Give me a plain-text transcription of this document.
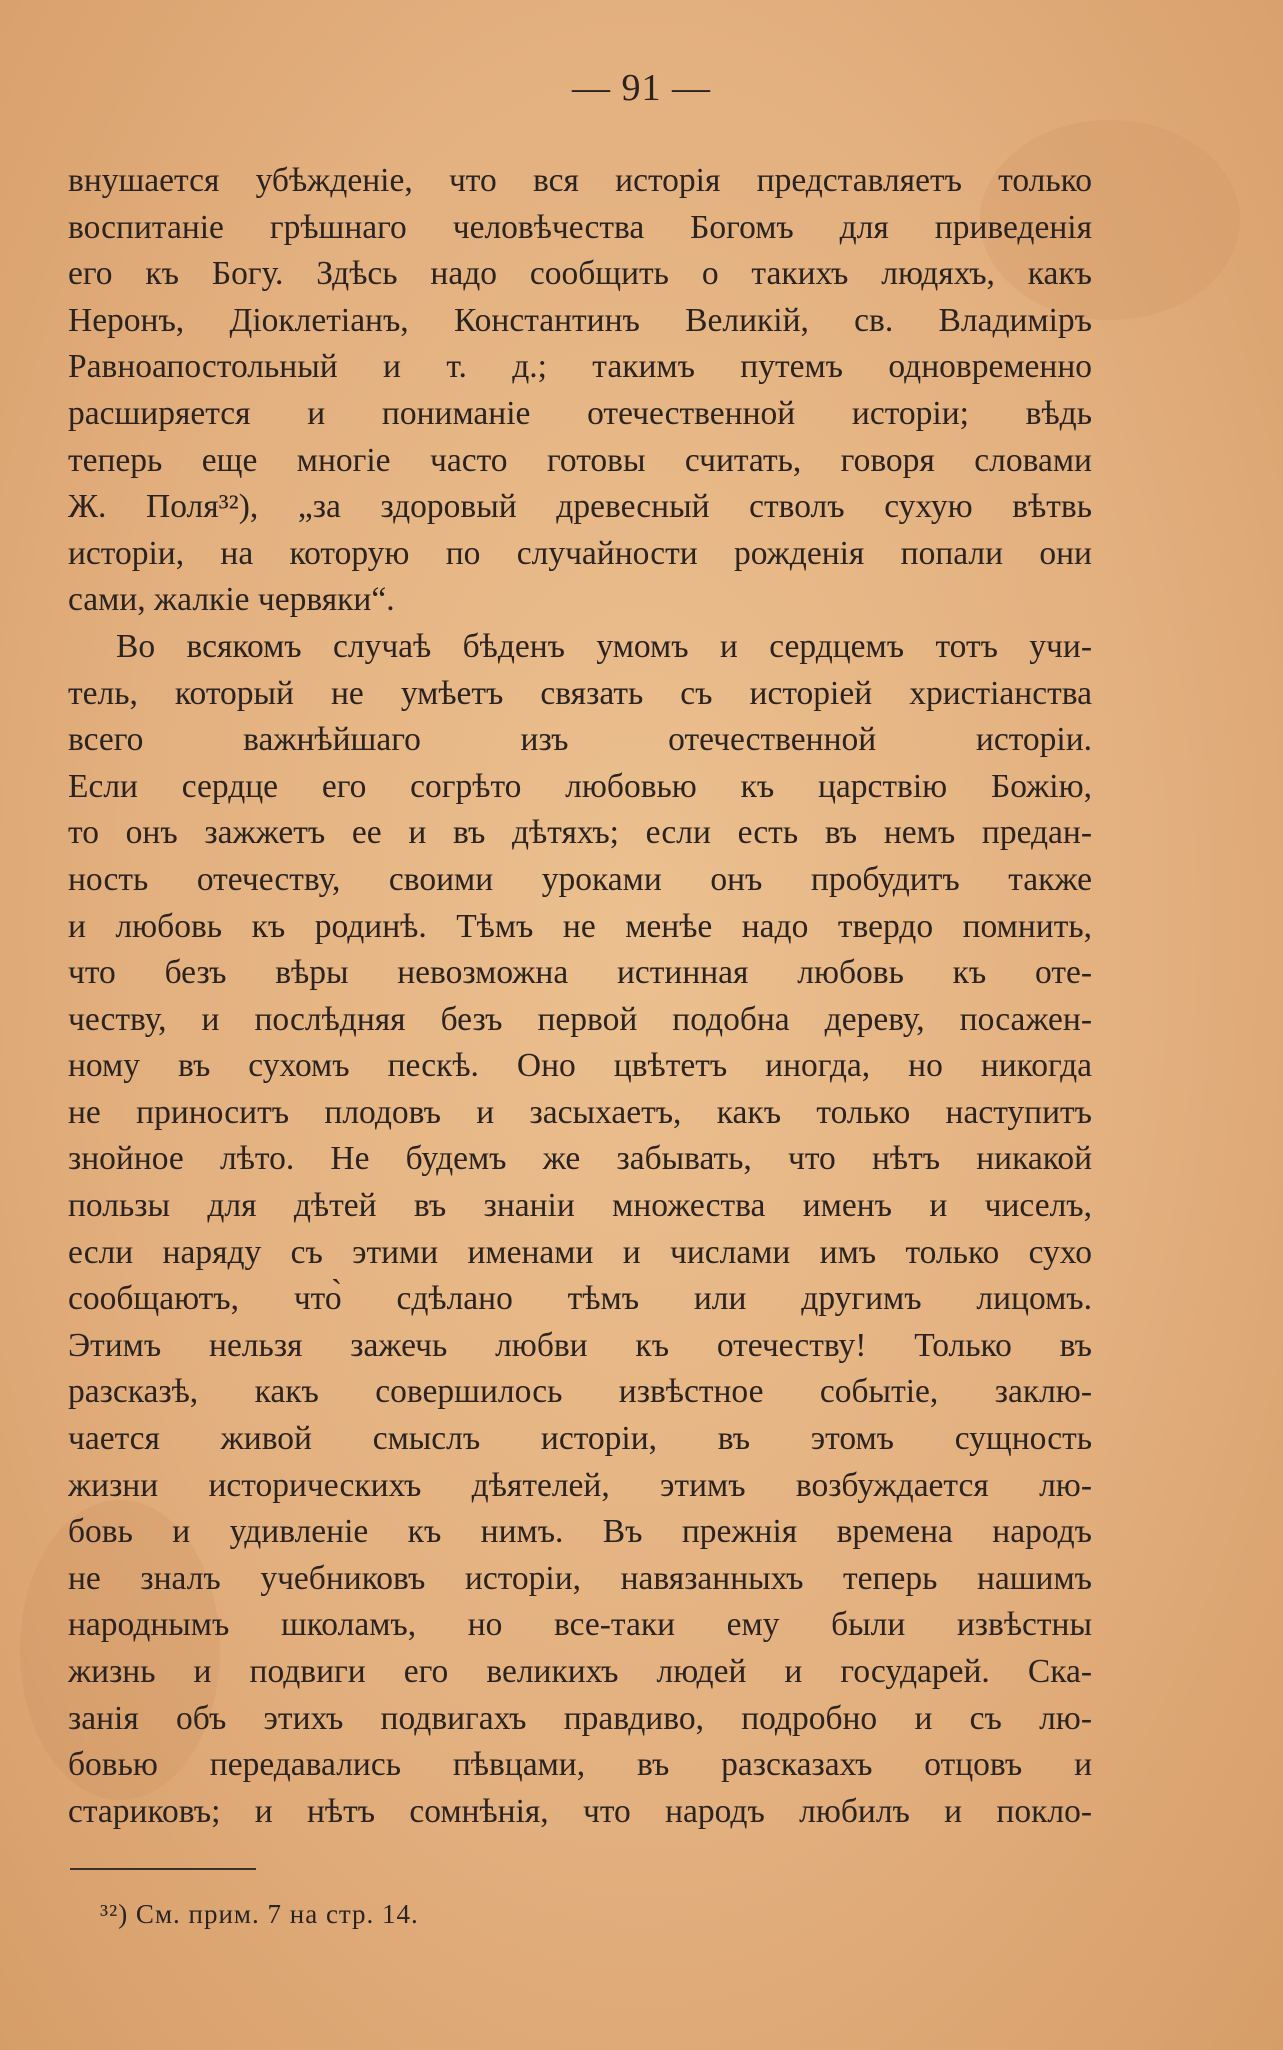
— 91 —
внушается убѣжденіе, что вся исторія представляетъ только
воспитаніе грѣшнаго человѣчества Богомъ для приведенія
его къ Богу. Здѣсь надо сообщить о такихъ людяхъ, какъ
Неронъ, Діоклетіанъ, Константинъ Великій, св. Владиміръ
Равноапостольный и т. д.; такимъ путемъ одновременно
расширяется и пониманіе отечественной исторіи; вѣдь
теперь еще многіе часто готовы считать, говоря словами
Ж. Поля³²), „за здоровый древесный стволъ сухую вѣтвь
исторіи, на которую по случайности рожденія попали они
сами, жалкіе червяки“.
Во всякомъ случаѣ бѣденъ умомъ и сердцемъ тотъ учи-
тель, который не умѣетъ связать съ исторіей христіанства
всего важнѣйшаго изъ отечественной исторіи.
Если сердце его согрѣто любовью къ царствію Божію,
то онъ зажжетъ ее и въ дѣтяхъ; если есть въ немъ предан-
ность отечеству, своими уроками онъ пробудитъ также
и любовь къ родинѣ. Тѣмъ не менѣе надо твердо помнить,
что безъ вѣры невозможна истинная любовь къ оте-
честву, и послѣдняя безъ первой подобна дереву, посажен-
ному въ сухомъ пескѣ. Оно цвѣтетъ иногда, но никогда
не приноситъ плодовъ и засыхаетъ, какъ только наступитъ
знойное лѣто. Не будемъ же забывать, что нѣтъ никакой
пользы для дѣтей въ знаніи множества именъ и чиселъ,
если наряду съ этими именами и числами имъ только сухо
сообщаютъ, что̀ сдѣлано тѣмъ или другимъ лицомъ.
Этимъ нельзя зажечь любви къ отечеству! Только въ
разсказѣ, какъ совершилось извѣстное событіе, заклю-
чается живой смыслъ исторіи, въ этомъ сущность
жизни историческихъ дѣятелей, этимъ возбуждается лю-
бовь и удивленіе къ нимъ. Въ прежнія времена народъ
не зналъ учебниковъ исторіи, навязанныхъ теперь нашимъ
народнымъ школамъ, но все-таки ему были извѣстны
жизнь и подвиги его великихъ людей и государей. Ска-
занія объ этихъ подвигахъ правдиво, подробно и съ лю-
бовью передавались пѣвцами, въ разсказахъ отцовъ и
стариковъ; и нѣтъ сомнѣнія, что народъ любилъ и покло-
³²) См. прим. 7 на стр. 14.
